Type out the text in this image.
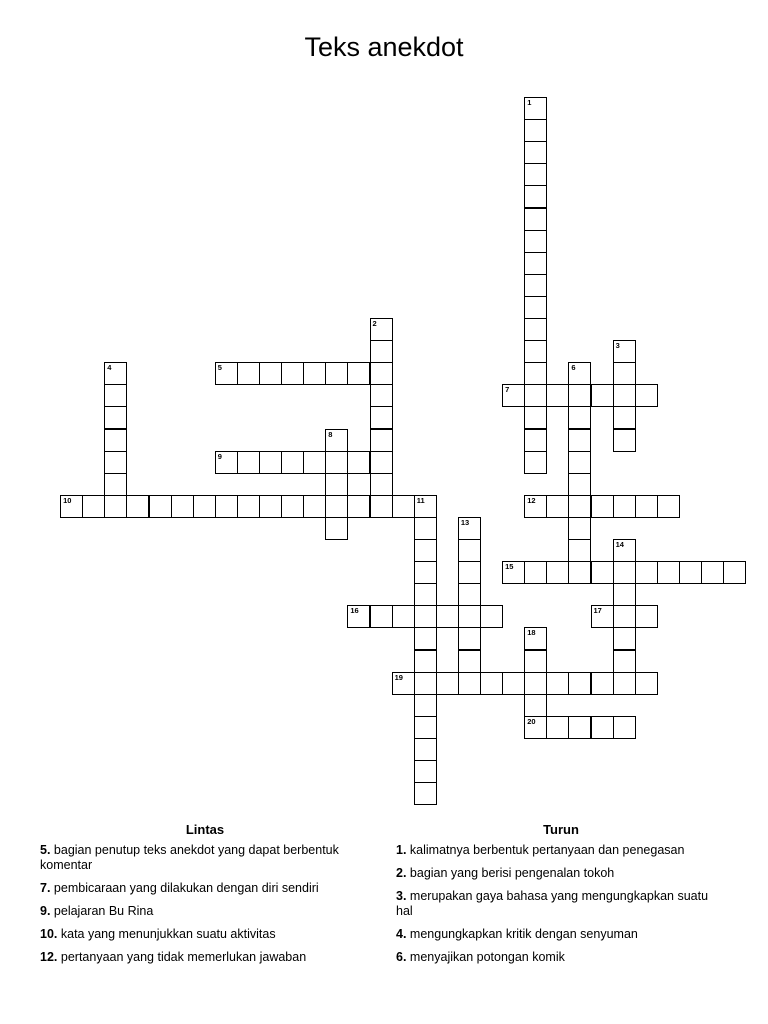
Teks anekdot
1
2
3
4	5	6
7
8
9
10	11	12
13
14
15
16	17
18
20
19
Lintas
5. bagian penutup teks anekdot yang dapat berbentuk komentar
7. pembicaraan yang dilakukan dengan diri sendiri
9. pelajaran Bu Rina
10. kata yang menunjukkan suatu aktivitas
12. pertanyaan yang tidak memerlukan jawaban
Turun
1. kalimatnya berbentuk pertanyaan dan penegasan
2. bagian yang berisi pengenalan tokoh
3. merupakan gaya bahasa yang mengungkapkan suatu hal
4. mengungkapkan kritik dengan senyuman
6. menyajikan potongan komik
